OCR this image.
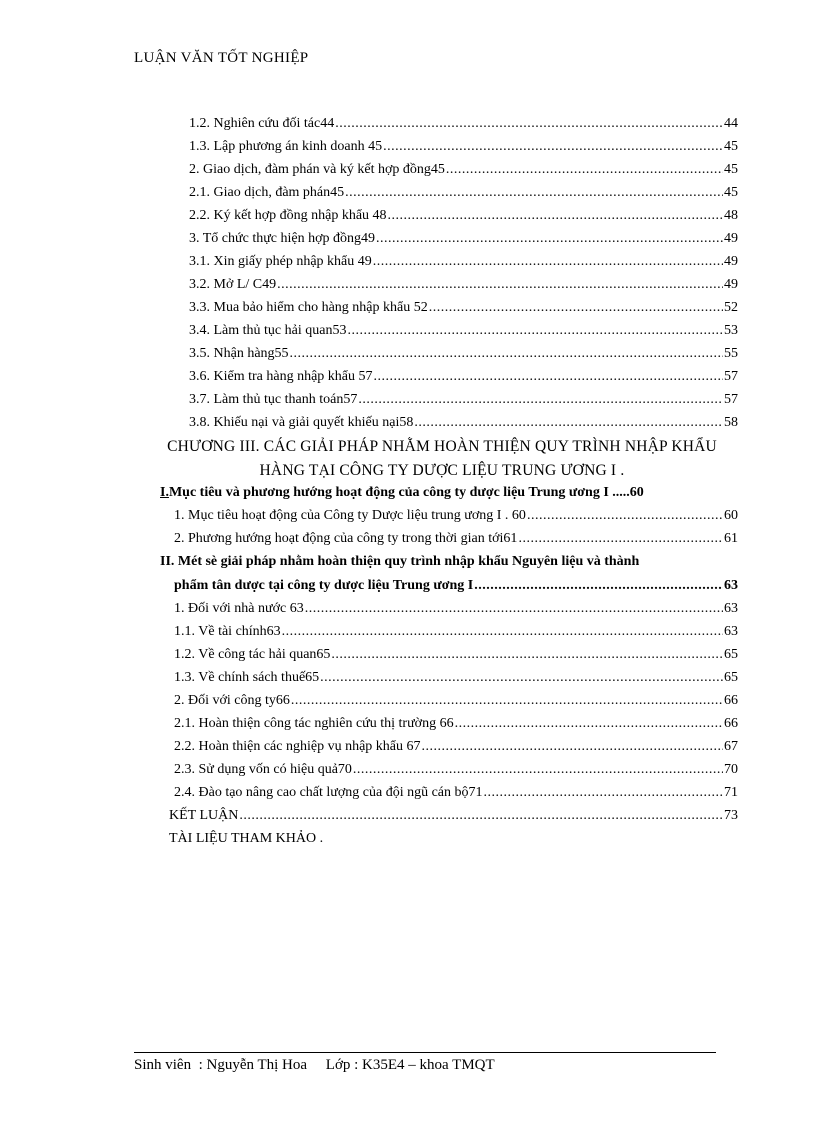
LUẬN VĂN TỐT NGHIỆP
1.2. Nghiên cứu đối tác44 .....	44
1.3. Lập phương án kinh doanh 45 .....	45
2. Giao dịch, đàm phán và ký kết hợp đồng45 .....	45
2.1. Giao dịch, đàm phán45 .....	45
2.2. Ký kết hợp đồng nhập khẩu 48 .....	48
3. Tổ chức thực hiện hợp đồng49 .....	49
3.1. Xin giấy phép nhập khẩu 49 .....	49
3.2. Mở L/ C49 .....	49
3.3. Mua bảo hiểm cho hàng nhập khẩu 52 .....	52
3.4. Làm thủ tục hải quan53 .....	53
3.5. Nhận hàng55 .....	55
3.6. Kiểm tra hàng nhập khẩu 57 .....	57
3.7. Làm thủ tục thanh toán57 .....	57
3.8. Khiếu nại và giải quyết khiếu nại58 .....	58
CHƯƠNG III. CÁC GIẢI PHÁP NHẰM HOÀN THIỆN QUY TRÌNH NHẬP KHẨU
HÀNG TẠI CÔNG TY DƯỢC LIỆU TRUNG ƯƠNG I .
I. Mục tiêu và phương hướng hoạt động của công ty dược liệu Trung ương I ..... 60
1. Mục tiêu hoạt động của Công ty Dược liệu trung ương I . 60 .....	60
2. Phương hướng hoạt động của công ty trong thời gian tới61 .....	61
II. Mét sè giải pháp nhằm hoàn thiện quy trình nhập khẩu Nguyên liệu và thành
phẩm tân dược tại công ty dược liệu Trung ương I .....	63
1. Đối với nhà nước 63 .....	63
1.1. Về tài chính63 .....	63
1.2. Về công tác hải quan65 .....	65
1.3. Về chính sách thuế65 .....	65
2. Đối với công ty66 .....	66
2.1. Hoàn thiện công tác nghiên cứu thị trường 66 .....	66
2.2. Hoàn thiện các nghiệp vụ nhập khẩu 67 .....	67
2.3. Sử dụng vốn có hiệu quả70 .....	70
2.4. Đào tạo nâng cao chất lượng của đội ngũ cán bộ71 .....	71
KẾT LUẬN .....	73
TÀI LIỆU THAM KHẢO .
Sinh viên  : Nguyễn Thị Hoa     Lớp : K35E4 – khoa TMQT
